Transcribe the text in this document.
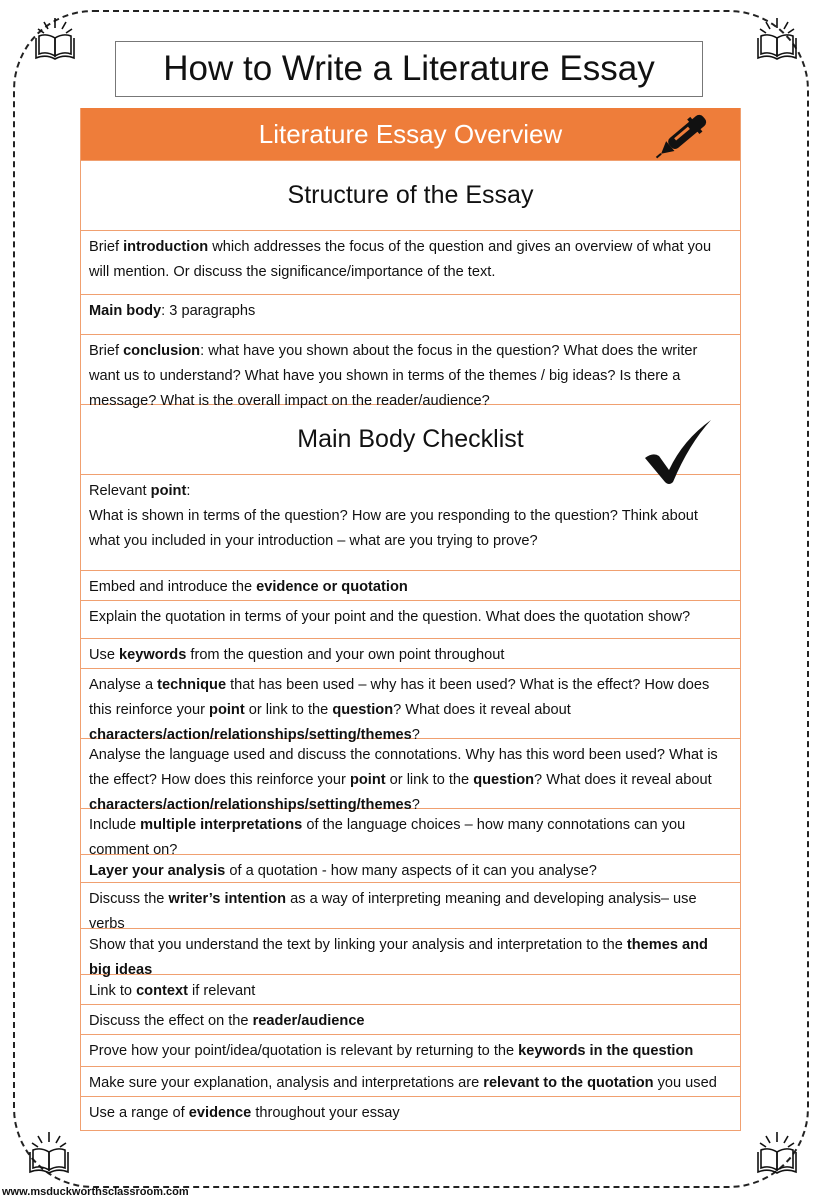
How to Write a Literature Essay
Literature Essay Overview
Structure of the Essay
Brief introduction which addresses the focus of the question and gives an overview of what you will mention. Or discuss the significance/importance of the text.
Main body: 3 paragraphs
Brief conclusion: what have you shown about the focus in the question? What does the writer want us to understand? What have you shown in terms of the themes / big ideas? Is there a message? What is the overall impact on the reader/audience?
Main Body Checklist
Relevant point:
What is shown in terms of the question? How are you responding to the question? Think about what you included in your introduction – what are you trying to prove?
Embed and introduce the evidence or quotation
Explain the quotation in terms of your point and the question. What does the quotation show?
Use keywords from the question and your own point throughout
Analyse a technique that has been used – why has it been used? What is the effect? How does this reinforce your point or link to the question? What does it reveal about characters/action/relationships/setting/themes?
Analyse the language used and discuss the connotations. Why has this word been used? What is the effect? How does this reinforce your point or link to the question? What does it reveal about characters/action/relationships/setting/themes?
Include multiple interpretations of the language choices – how many connotations can you comment on?
Layer your analysis of a quotation - how many aspects of it can you analyse?
Discuss the writer’s intention as a way of interpreting meaning and developing analysis– use verbs
Show that you understand the text by linking your analysis and interpretation to the themes and big ideas
Link to context if relevant
Discuss the effect on the reader/audience
Prove how your point/idea/quotation is relevant by returning to the keywords in the question
Make sure your explanation, analysis and interpretations are relevant to the quotation you used
Use a range of evidence throughout your essay
www.msduckworthsclassroom.com
